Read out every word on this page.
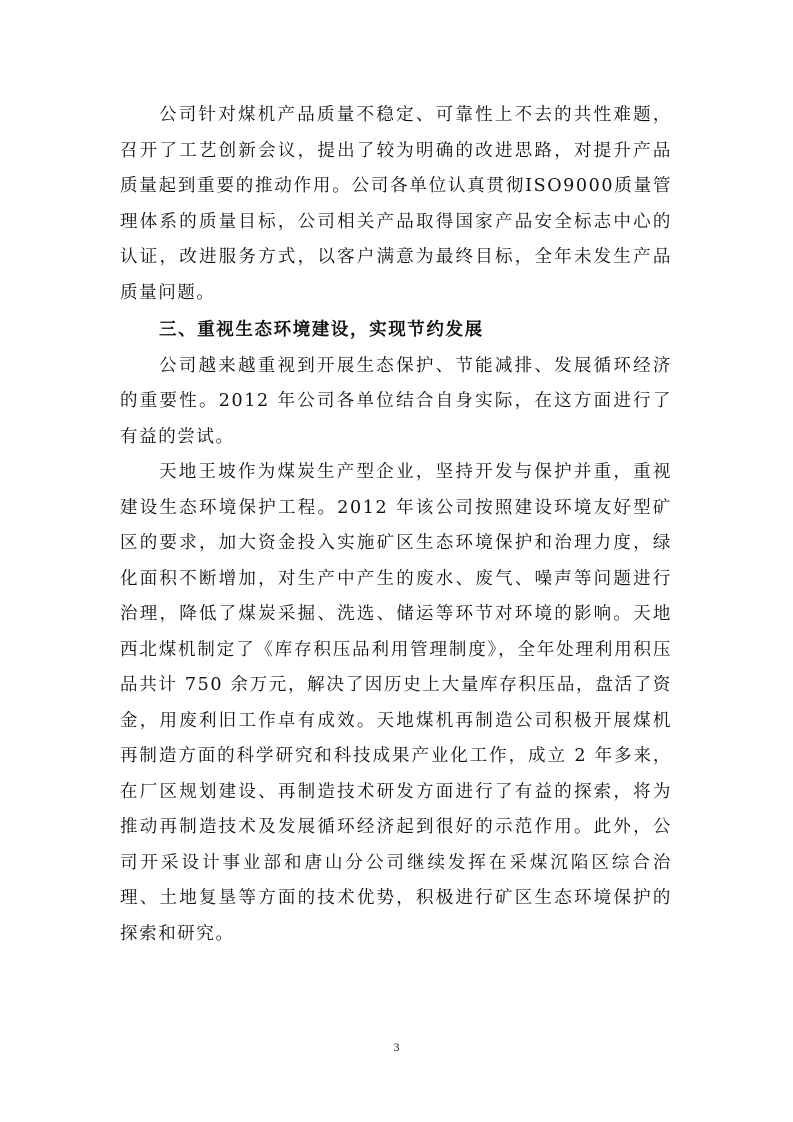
公司针对煤机产品质量不稳定、可靠性上不去的共性难题，召开了工艺创新会议，提出了较为明确的改进思路，对提升产品质量起到重要的推动作用。公司各单位认真贯彻ISO9000质量管理体系的质量目标，公司相关产品取得国家产品安全标志中心的认证，改进服务方式，以客户满意为最终目标，全年未发生产品质量问题。

三、重视生态环境建设，实现节约发展

公司越来越重视到开展生态保护、节能减排、发展循环经济的重要性。2012 年公司各单位结合自身实际，在这方面进行了有益的尝试。

天地王坡作为煤炭生产型企业，坚持开发与保护并重，重视建设生态环境保护工程。2012 年该公司按照建设环境友好型矿区的要求，加大资金投入实施矿区生态环境保护和治理力度，绿化面积不断增加，对生产中产生的废水、废气、噪声等问题进行治理，降低了煤炭采掘、洗选、储运等环节对环境的影响。天地西北煤机制定了《库存积压品利用管理制度》，全年处理利用积压品共计 750 余万元，解决了因历史上大量库存积压品，盘活了资金，用废利旧工作卓有成效。天地煤机再制造公司积极开展煤机再制造方面的科学研究和科技成果产业化工作，成立 2 年多来，在厂区规划建设、再制造技术研发方面进行了有益的探索，将为推动再制造技术及发展循环经济起到很好的示范作用。此外，公司开采设计事业部和唐山分公司继续发挥在采煤沉陷区综合治理、土地复垦等方面的技术优势，积极进行矿区生态环境保护的探索和研究。

3
